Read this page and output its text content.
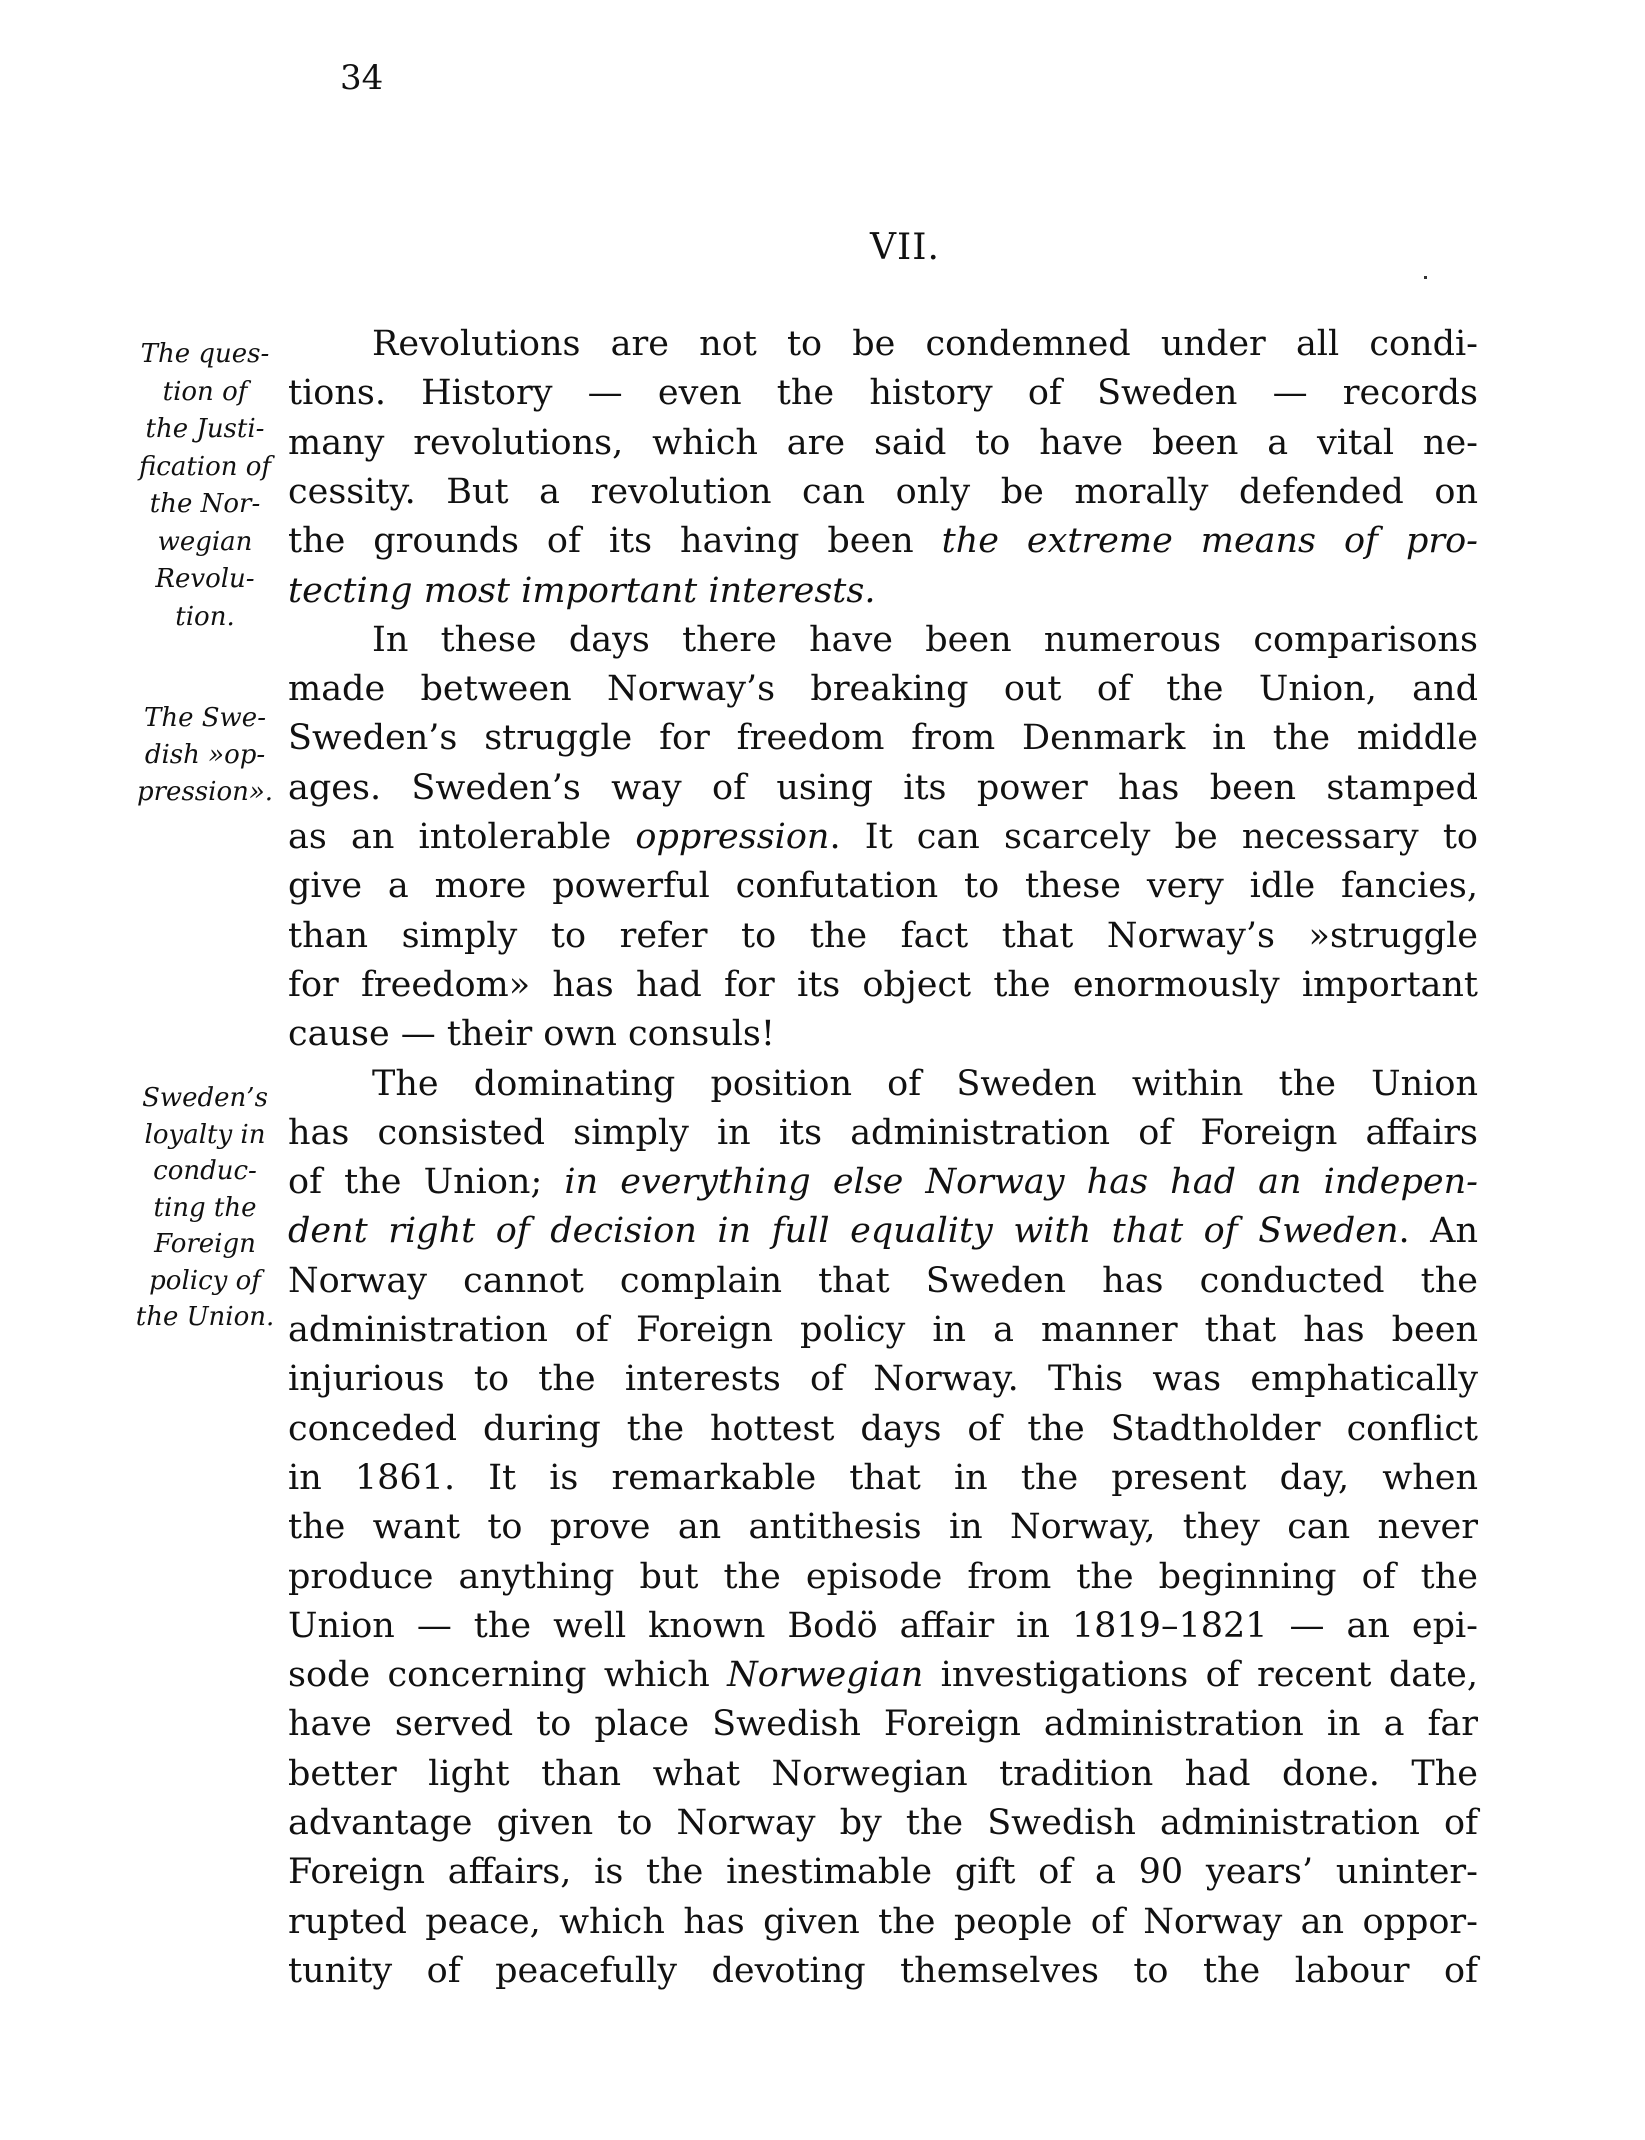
34
VII.
The ques-
tion of
the Justi-
fication of
the Nor-
wegian
Revolu-
tion.
The Swe-
dish »op-
pression».
Sweden’s
loyalty in
conduc-
ting the
Foreign
policy of
the Union.
Revolutions are not to be condemned under all condi-
tions. History — even the history of Sweden — records
many revolutions, which are said to have been a vital ne-
cessity. But a revolution can only be morally defended on
the grounds of its having been the extreme means of pro-
tecting most important interests.
In these days there have been numerous comparisons
made between Norway’s breaking out of the Union, and
Sweden’s struggle for freedom from Denmark in the middle
ages. Sweden’s way of using its power has been stamped
as an intolerable oppression. It can scarcely be necessary to
give a more powerful confutation to these very idle fancies,
than simply to refer to the fact that Norway’s »struggle
for freedom» has had for its object the enormously important
cause — their own consuls!
The dominating position of Sweden within the Union
has consisted simply in its administration of Foreign affairs
of the Union; in everything else Norway has had an indepen-
dent right of decision in full equality with that of Sweden. An
Norway cannot complain that Sweden has conducted the
administration of Foreign policy in a manner that has been
injurious to the interests of Norway. This was emphatically
conceded during the hottest days of the Stadtholder conflict
in 1861. It is remarkable that in the present day, when
the want to prove an antithesis in Norway, they can never
produce anything but the episode from the beginning of the
Union — the well known Bodö affair in 1819–1821 — an epi-
sode concerning which Norwegian investigations of recent date,
have served to place Swedish Foreign administration in a far
better light than what Norwegian tradition had done. The
advantage given to Norway by the Swedish administration of
Foreign affairs, is the inestimable gift of a 90 years’ uninter-
rupted peace, which has given the people of Norway an oppor-
tunity of peacefully devoting themselves to the labour of
